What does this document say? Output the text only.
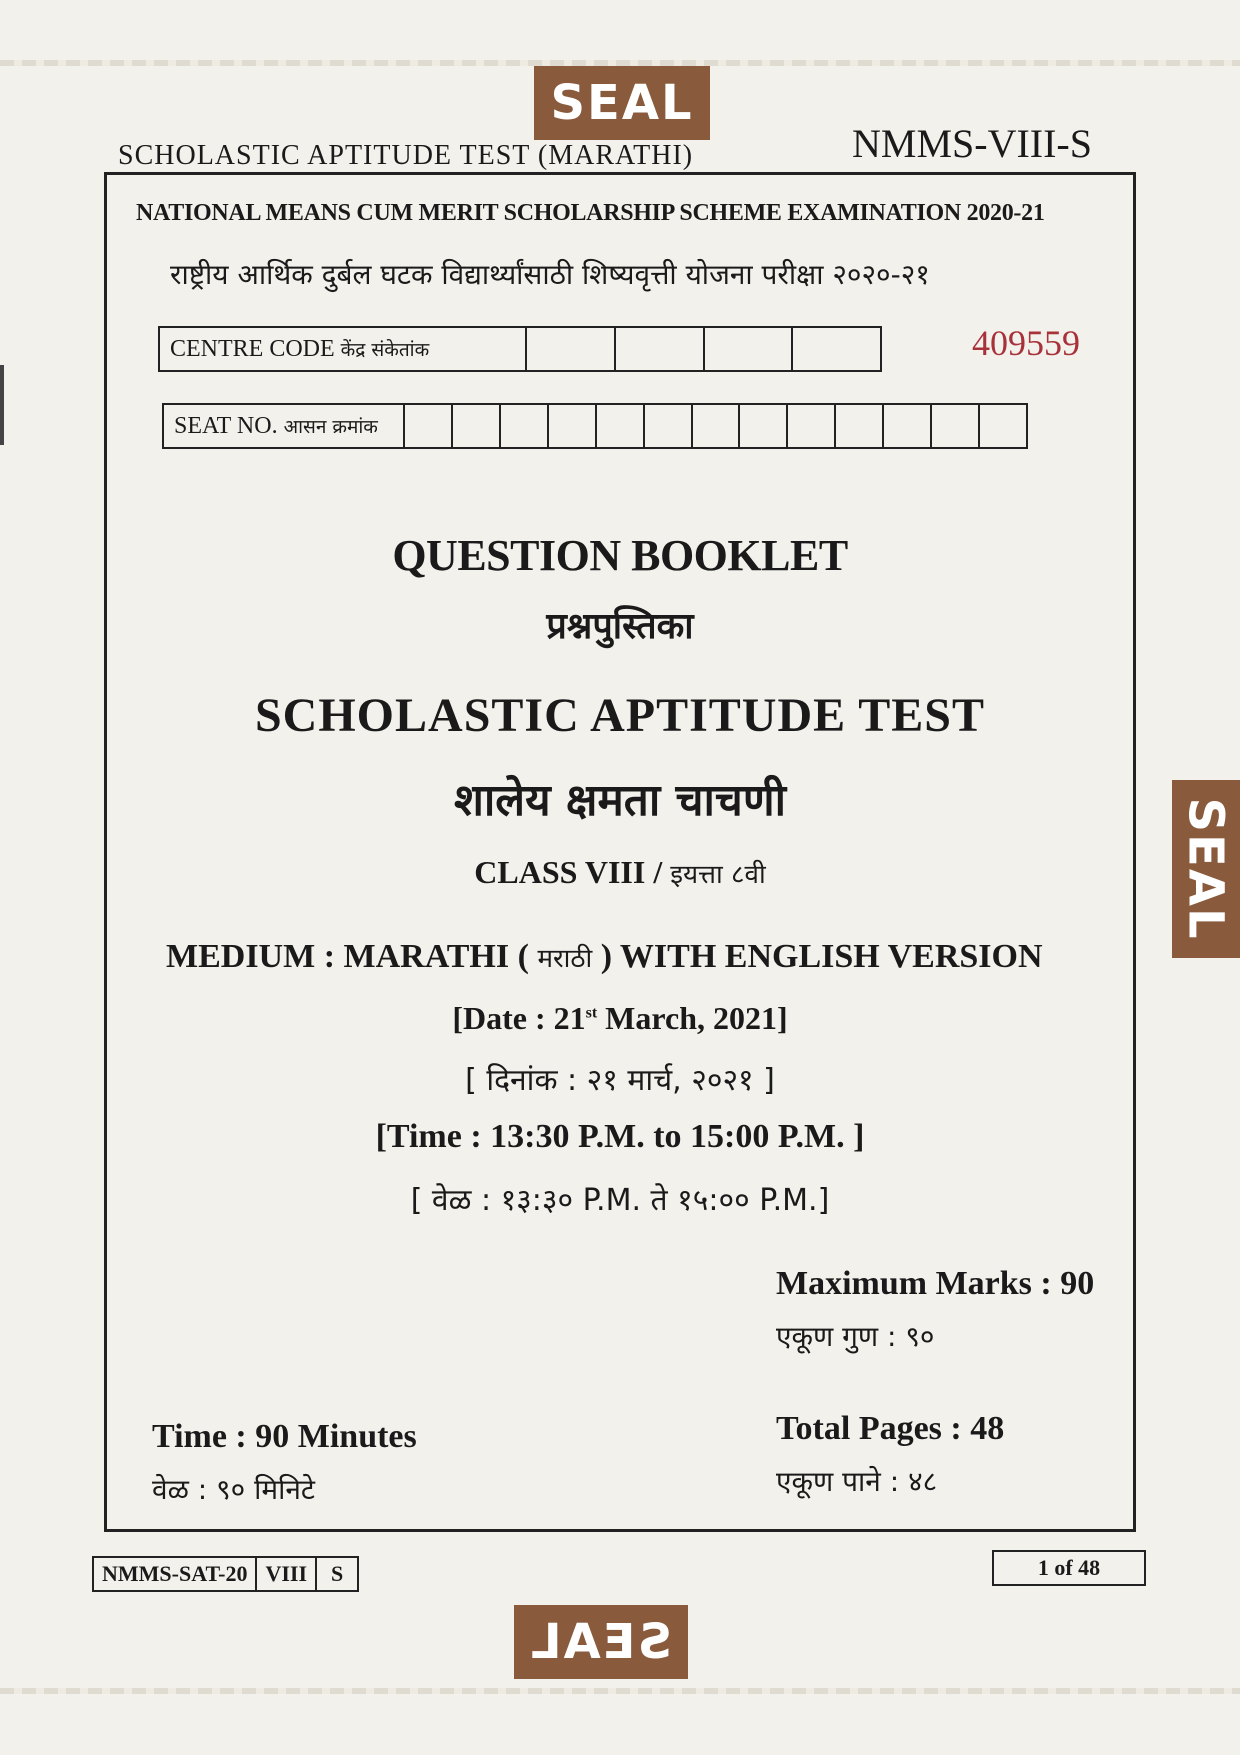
SEAL
SEAL
SEAL
SCHOLASTIC APTITUDE TEST (MARATHI)	NMMS-VIII-S
NATIONAL MEANS CUM MERIT SCHOLARSHIP SCHEME EXAMINATION 2020-21
राष्ट्रीय आर्थिक दुर्बल घटक विद्यार्थ्यांसाठी शिष्यवृत्ती योजना परीक्षा २०२०-२१
CENTRE CODE केंद्र संकेतांक	409559
SEAT NO. आसन क्रमांक
QUESTION BOOKLET
प्रश्नपुस्तिका
SCHOLASTIC APTITUDE TEST
शालेय क्षमता चाचणी
CLASS VIII / इयत्ता ८वी
MEDIUM : MARATHI ( मराठी ) WITH ENGLISH VERSION
[Date : 21st March, 2021]
[ दिनांक : २१ मार्च, २०२१ ]
[Time : 13:30 P.M. to 15:00 P.M. ]
[ वेळ : १३:३० P.M. ते १५:०० P.M.]
Maximum Marks : 90
एकूण गुण : ९०
Total Pages : 48
एकूण पाने : ४८
Time : 90 Minutes
वेळ : ९० मिनिटे
NMMS-SAT-20 VIII	S	1 of 48
